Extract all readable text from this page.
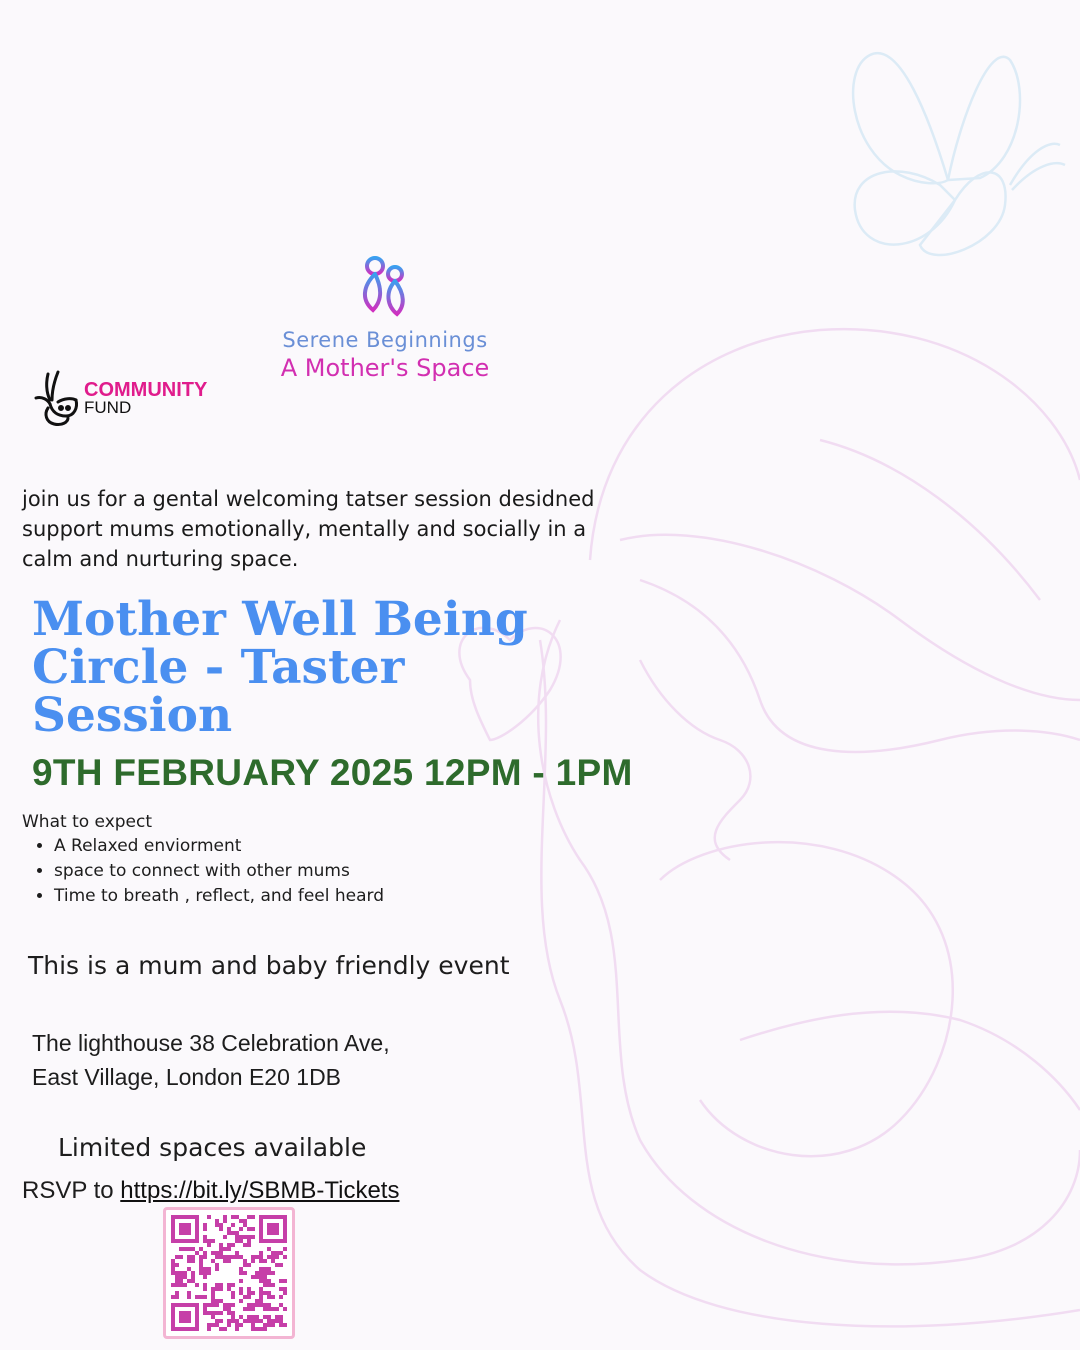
Serene Beginnings
A Mother's Space
COMMUNITY
FUND
join us for a gental welcoming tatser session desidned support mums emotionally, mentally and socially in a calm and nurturing space.
Mother Well Being Circle - Taster Session
9TH FEBRUARY 2025 12PM - 1PM
What to expect
• A Relaxed enviorment
• space to connect with other mums
• Time to breath , reflect, and feel heard
This is a mum and baby friendly event
The lighthouse 38 Celebration Ave,
East Village, London E20 1DB
Limited spaces available
RSVP to https://bit.ly/SBMB-Tickets
